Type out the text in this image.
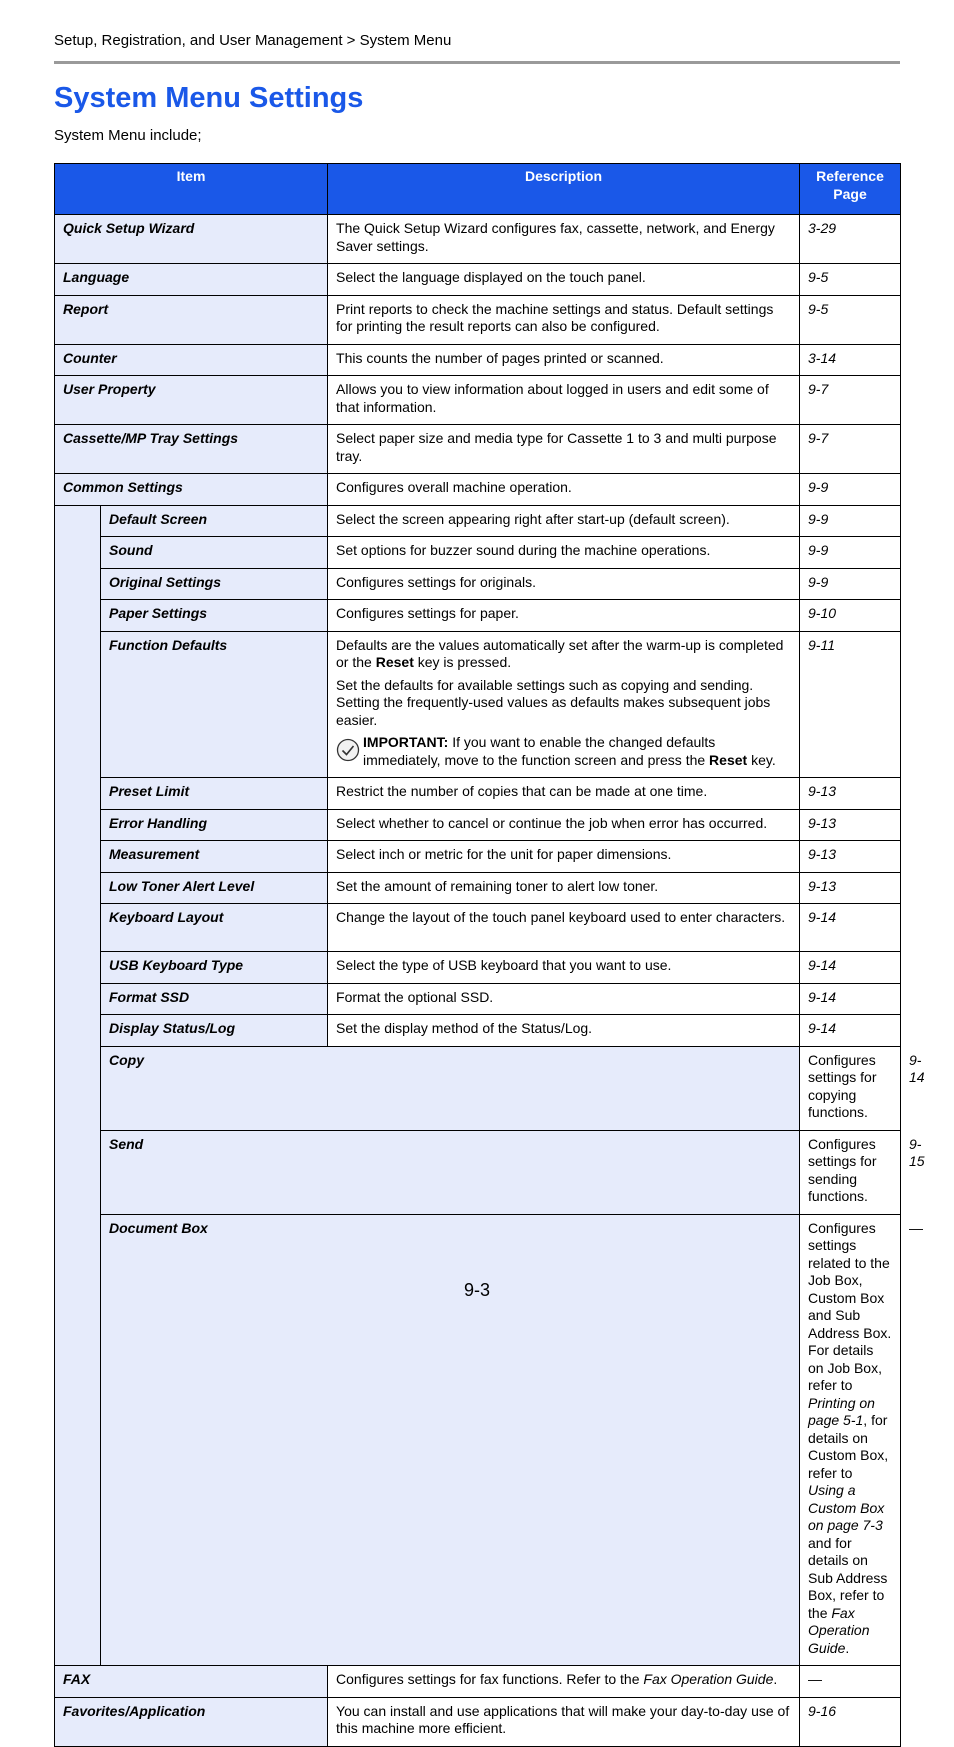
Setup, Registration, and User Management > System Menu
System Menu Settings
System Menu include;
Item		Description	Reference Page	
Quick Setup Wizard		The Quick Setup Wizard configures fax, cassette, network, and Energy Saver settings.	3-29	
Language		Select the language displayed on the touch panel.	9-5	
Report		Print reports to check the machine settings and status. Default settings for printing the result reports can also be configured.	9-5	
Counter		This counts the number of pages printed or scanned.	3-14	
User Property		Allows you to view information about logged in users and edit some of that information.	9-7	
Cassette/MP Tray Settings		Select paper size and media type for Cassette 1 to 3 and multi purpose tray.	9-7	
Common Settings		Configures overall machine operation.	9-9	
	Default Screen	Select the screen appearing right after start-up (default screen).	9-9	
	Sound	Set options for buzzer sound during the machine operations.	9-9	
	Original Settings	Configures settings for originals.	9-9	
	Paper Settings	Configures settings for paper.	9-10	
	Function Defaults	Defaults are the values automatically set after the warm-up is completed or the Reset key is pressed.

Set the defaults for available settings such as copying and sending. Setting the frequently-used values as defaults makes subsequent jobs easier.

IMPORTANT: If you want to enable the changed defaults immediately, move to the function screen and press the Reset key.	9-11	
	Preset Limit	Restrict the number of copies that can be made at one time.	9-13	
	Error Handling	Select whether to cancel or continue the job when error has occurred.	9-13	
	Measurement	Select inch or metric for the unit for paper dimensions.	9-13	
	Low Toner Alert Level	Set the amount of remaining toner to alert low toner.	9-13	
	Keyboard Layout	Change the layout of the touch panel keyboard used to enter characters.	9-14	
	USB Keyboard Type	Select the type of USB keyboard that you want to use.	9-14	
	Format SSD	Format the optional SSD.	9-14	
	Display Status/Log	Set the display method of the Status/Log.	9-14	
	Copy		Configures settings for copying functions.	9-14
	Send		Configures settings for sending functions.	9-15
	Document Box		Configures settings related to the Job Box, Custom Box and Sub Address Box. For details on Job Box, refer to Printing on page 5-1, for details on Custom Box, refer to Using a Custom Box on page 7-3 and for details on Sub Address Box, refer to the Fax Operation Guide.	—
FAX		Configures settings for fax functions. Refer to the Fax Operation Guide.	—	
Favorites/Application		You can install and use applications that will make your day-to-day use of this machine more efficient.	9-16	
9-3
